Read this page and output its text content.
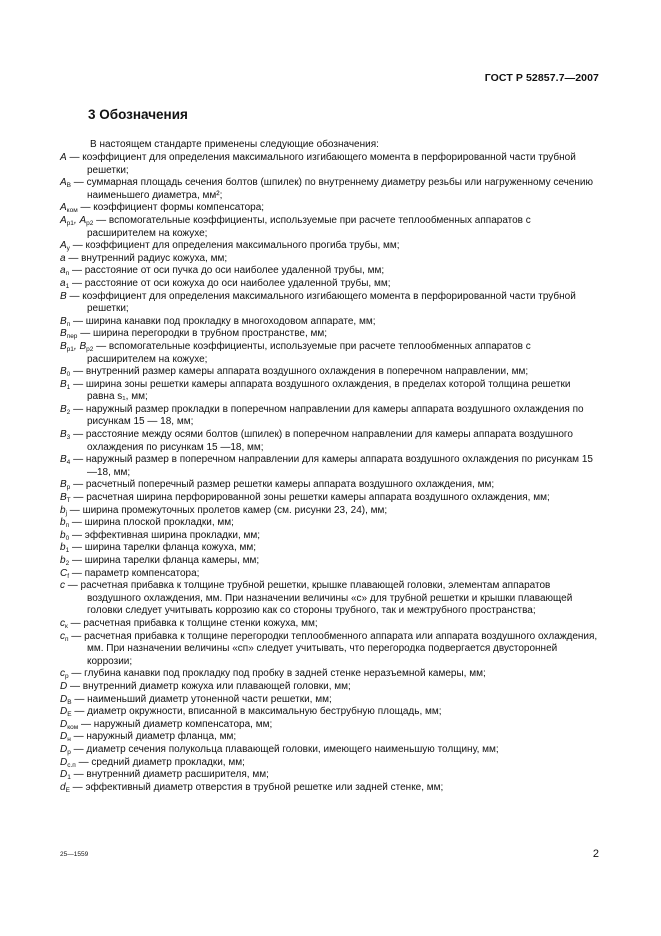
ГОСТ Р 52857.7—2007
3 Обозначения
В настоящем стандарте применены следующие обозначения:

A — коэффициент для определения максимального изгибающего момента в перфорированной части трубной решетки;

$A_B$ — суммарная площадь сечения болтов (шпилек) по внутреннему диаметру резьбы или нагруженному сечению наименьшего диаметра, мм²;

$A_{ком}$ — коэффициент формы компенсатора;

$A_{р1}$, $A_{р2}$ — вспомогательные коэффициенты, используемые при расчете теплообменных аппаратов с расширителем на кожухе;

$A_y$ — коэффициент для определения максимального прогиба трубы, мм;

a — внутренний радиус кожуха, мм;

$a_n$ — расстояние от оси пучка до оси наиболее удаленной трубы, мм;

$a_1$ — расстояние от оси кожуха до оси наиболее удаленной трубы, мм;

B — коэффициент для определения максимального изгибающего момента в перфорированной части трубной решетки;

$B_п$ — ширина канавки под прокладку в многоходовом аппарате, мм;

$B_{пер}$ — ширина перегородки в трубном пространстве, мм;

$B_{р1}$, $B_{р2}$ — вспомогательные коэффициенты, используемые при расчете теплообменных аппаратов с расширителем на кожухе;

$B_0$ — внутренний размер камеры аппарата воздушного охлаждения в поперечном направлении, мм;

$B_1$ — ширина зоны решетки камеры аппарата воздушного охлаждения, в пределах которой толщина решетки равна s₁, мм;

$B_2$ — наружный размер прокладки в поперечном направлении для камеры аппарата воздушного охлаждения по рисункам 15 — 18, мм;

$B_3$ — расстояние между осями болтов (шпилек) в поперечном направлении для камеры аппарата воздушного охлаждения по рисункам 15 —18, мм;

$B_4$ — наружный размер в поперечном направлении для камеры аппарата воздушного охлаждения по рисункам 15—18, мм;

$B_р$ — расчетный поперечный размер решетки камеры аппарата воздушного охлаждения, мм;

$B_Т$ — расчетная ширина перфорированной зоны решетки камеры аппарата воздушного охлаждения, мм;

$b_j$ — ширина промежуточных пролетов камер (см. рисунки 23, 24), мм;

$b_п$ — ширина плоской прокладки, мм;

$b_0$ — эффективная ширина прокладки, мм;

$b_1$ — ширина тарелки фланца кожуха, мм;

$b_2$ — ширина тарелки фланца камеры, мм;

$C_f$ — параметр компенсатора;

c — расчетная прибавка к толщине трубной решетки, крышке плавающей головки, элементам аппаратов воздушного охлаждения, мм. При назначении величины «c» для трубной решетки и крышки плавающей головки следует учитывать коррозию как со стороны трубного, так и межтрубного пространства;

$c_к$ — расчетная прибавка к толщине стенки кожуха, мм;

$c_п$ — расчетная прибавка к толщине перегородки теплообменного аппарата или аппарата воздушного охлаждения, мм. При назначении величины «cп» следует учитывать, что перегородка подвергается двусторонней коррозии;

$c_р$ — глубина канавки под прокладку под пробку в задней стенке неразъемной камеры, мм;

D — внутренний диаметр кожуха или плавающей головки, мм;

$D_B$ — наименьший диаметр утоненной части решетки, мм;

$D_E$ — диаметр окружности, вписанной в максимальную беструбную площадь, мм;

$D_{ком}$ — наружный диаметр компенсатора, мм;

$D_н$ — наружный диаметр фланца, мм;

$D_р$ — диаметр сечения полукольца плавающей головки, имеющего наименьшую толщину, мм;

$D_{с.п}$ — средний диаметр прокладки, мм;

$D_1$ — внутренний диаметр расширителя, мм;

$d_E$ — эффективный диаметр отверстия в трубной решетке или задней стенке, мм;

25—1559	2
